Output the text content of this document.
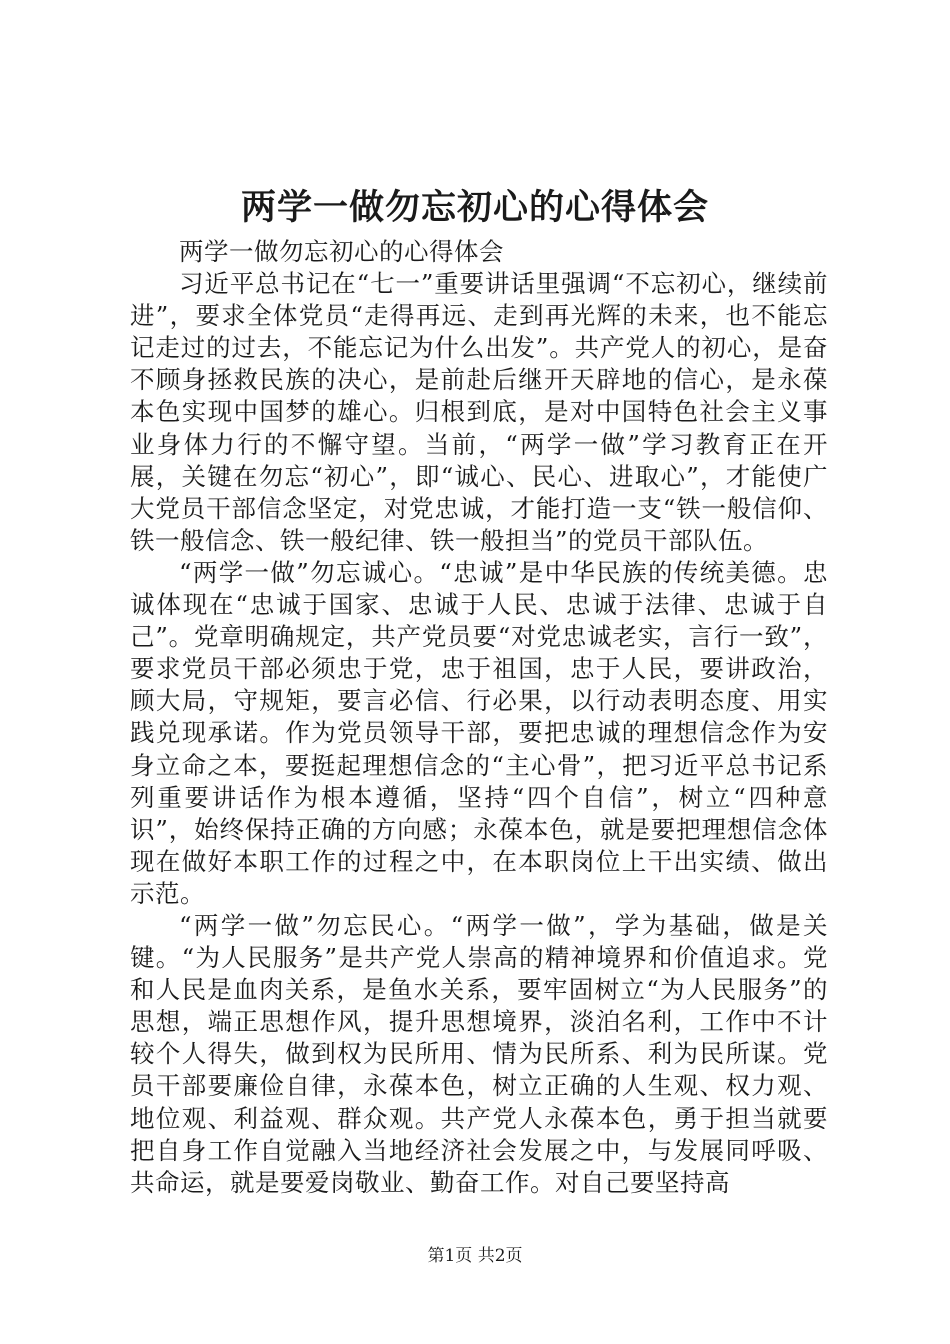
两学一做勿忘初心的心得体会

两学一做勿忘初心的心得体会

习近平总书记在“七一”重要讲话里强调“不忘初心，继续前进”，要求全体党员“走得再远、走到再光辉的未来，也不能忘记走过的过去，不能忘记为什么出发”。共产党人的初心，是奋不顾身拯救民族的决心，是前赴后继开天辟地的信心，是永葆本色实现中国梦的雄心。归根到底，是对中国特色社会主义事业身体力行的不懈守望。当前，“两学一做”学习教育正在开展，关键在勿忘“初心”，即“诚心、民心、进取心”，才能使广大党员干部信念坚定，对党忠诚，才能打造一支“铁一般信仰、铁一般信念、铁一般纪律、铁一般担当”的党员干部队伍。

“两学一做”勿忘诚心。“忠诚”是中华民族的传统美德。忠诚体现在“忠诚于国家、忠诚于人民、忠诚于法律、忠诚于自己”。党章明确规定，共产党员要“对党忠诚老实，言行一致”，要求党员干部必须忠于党，忠于祖国，忠于人民，要讲政治，顾大局，守规矩，要言必信、行必果，以行动表明态度、用实践兑现承诺。作为党员领导干部，要把忠诚的理想信念作为安身立命之本，要挺起理想信念的“主心骨”，把习近平总书记系列重要讲话作为根本遵循，坚持“四个自信”，树立“四种意识”，始终保持正确的方向感；永葆本色，就是要把理想信念体现在做好本职工作的过程之中，在本职岗位上干出实绩、做出示范。

“两学一做”勿忘民心。“两学一做”，学为基础，做是关键。“为人民服务”是共产党人崇高的精神境界和价值追求。党和人民是血肉关系，是鱼水关系，要牢固树立“为人民服务”的思想，端正思想作风，提升思想境界，淡泊名利，工作中不计较个人得失，做到权为民所用、情为民所系、利为民所谋。党员干部要廉俭自律，永葆本色，树立正确的人生观、权力观、地位观、利益观、群众观。共产党人永葆本色，勇于担当就要把自身工作自觉融入当地经济社会发展之中，与发展同呼吸、共命运，就是要爱岗敬业、勤奋工作。对自己要坚持高

第1页 共2页
